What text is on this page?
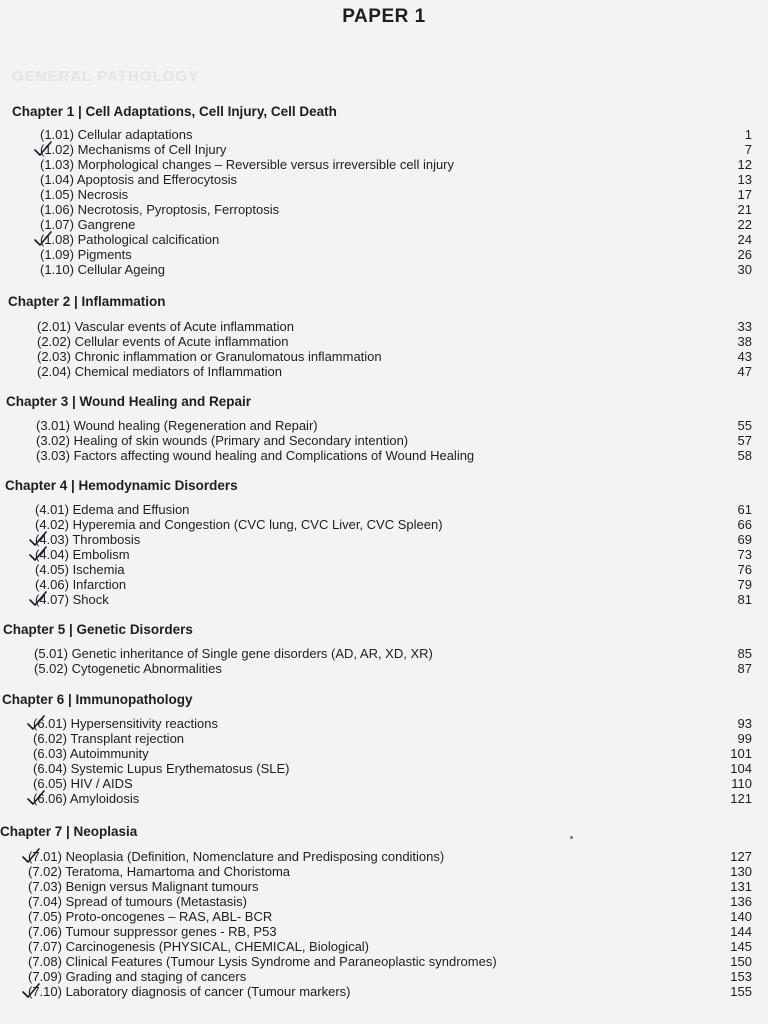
PAPER 1
GENERAL PATHOLOGY
Chapter 1 | Cell Adaptations, Cell Injury, Cell Death
(1.01) Cellular adaptations	1
(1.02) Mechanisms of Cell Injury	7
(1.03) Morphological changes – Reversible versus irreversible cell injury	12
(1.04) Apoptosis and Efferocytosis	13
(1.05) Necrosis	17
(1.06) Necrotosis, Pyroptosis, Ferroptosis	21
(1.07) Gangrene	22
(1.08) Pathological calcification	24
(1.09) Pigments	26
(1.10) Cellular Ageing	30
Chapter 2 | Inflammation
(2.01) Vascular events of Acute inflammation	33
(2.02) Cellular events of Acute inflammation	38
(2.03) Chronic inflammation or Granulomatous inflammation	43
(2.04) Chemical mediators of Inflammation	47
Chapter 3 | Wound Healing and Repair
(3.01) Wound healing (Regeneration and Repair)	55
(3.02) Healing of skin wounds (Primary and Secondary intention)	57
(3.03) Factors affecting wound healing and Complications of Wound Healing	58
Chapter 4 | Hemodynamic Disorders
(4.01) Edema and Effusion	61
(4.02) Hyperemia and Congestion (CVC lung, CVC Liver, CVC Spleen)	66
(4.03) Thrombosis	69
(4.04) Embolism	73
(4.05) Ischemia	76
(4.06) Infarction	79
(4.07) Shock	81
Chapter 5 | Genetic Disorders
(5.01) Genetic inheritance of Single gene disorders (AD, AR, XD, XR)	85
(5.02) Cytogenetic Abnormalities	87
Chapter 6 | Immunopathology
(6.01) Hypersensitivity reactions	93
(6.02) Transplant rejection	99
(6.03) Autoimmunity	101
(6.04) Systemic Lupus Erythematosus (SLE)	104
(6.05) HIV / AIDS	110
(6.06) Amyloidosis	121
Chapter 7 | Neoplasia
(7.01) Neoplasia (Definition, Nomenclature and Predisposing conditions)	127
(7.02) Teratoma, Hamartoma and Choristoma	130
(7.03) Benign versus Malignant tumours	131
(7.04) Spread of tumours (Metastasis)	136
(7.05) Proto-oncogenes – RAS, ABL- BCR	140
(7.06) Tumour suppressor genes - RB, P53	144
(7.07) Carcinogenesis (PHYSICAL, CHEMICAL, Biological)	145
(7.08) Clinical Features (Tumour Lysis Syndrome and Paraneoplastic syndromes)	150
(7.09) Grading and staging of cancers	153
(7.10) Laboratory diagnosis of cancer (Tumour markers)	155
